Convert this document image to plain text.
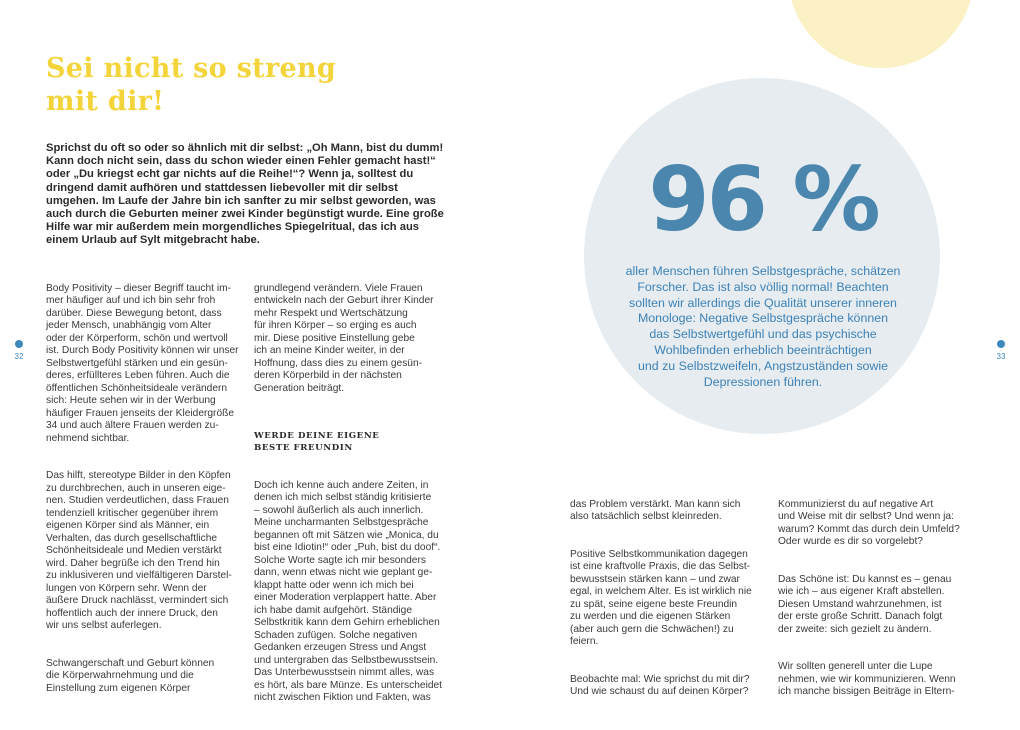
Sei nicht so streng
mit dir!
Sprichst du oft so oder so ähnlich mit dir selbst: „Oh Mann, bist du dumm! Kann doch nicht sein, dass du schon wieder einen Fehler gemacht hast!“ oder „Du kriegst echt gar nichts auf die Reihe!“? Wenn ja, solltest du dringend damit aufhören und stattdessen liebevoller mit dir selbst umgehen. Im Laufe der Jahre bin ich sanfter zu mir selbst geworden, was auch durch die Geburten meiner zwei Kinder begünstigt wurde. Eine große Hilfe war mir außerdem mein morgendliches Spiegelritual, das ich aus einem Urlaub auf Sylt mitgebracht habe.

Body Positivity – dieser Begriff taucht im-
mer häufiger auf und ich bin sehr froh
darüber. Diese Bewegung betont, dass
jeder Mensch, unabhängig vom Alter
oder der Körperform, schön und wertvoll
ist. Durch Body Positivity können wir unser
Selbstwertgefühl stärken und ein gesün-
deres, erfüllteres Leben führen. Auch die
öffentlichen Schönheitsideale verändern
sich: Heute sehen wir in der Werbung
häufiger Frauen jenseits der Kleidergröße
34 und auch ältere Frauen werden zu-
nehmend sichtbar.

Das hilft, stereotype Bilder in den Köpfen
zu durchbrechen, auch in unseren eige-
nen. Studien verdeutlichen, dass Frauen
tendenziell kritischer gegenüber ihrem
eigenen Körper sind als Männer, ein
Verhalten, das durch gesellschaftliche
Schönheitsideale und Medien verstärkt
wird. Daher begrüße ich den Trend hin
zu inklusiveren und vielfältigeren Darstel-
lungen von Körpern sehr. Wenn der
äußere Druck nachlässt, vermindert sich
hoffentlich auch der innere Druck, den
wir uns selbst auferlegen.

Schwangerschaft und Geburt können
die Körperwahrnehmung und die
Einstellung zum eigenen Körper

grundlegend verändern. Viele Frauen
entwickeln nach der Geburt ihrer Kinder
mehr Respekt und Wertschätzung
für ihren Körper – so erging es auch
mir. Diese positive Einstellung gebe
ich an meine Kinder weiter, in der
Hoffnung, dass dies zu einem gesün-
deren Körperbild in der nächsten
Generation beiträgt.

WERDE DEINE EIGENE
BESTE FREUNDIN

Doch ich kenne auch andere Zeiten, in
denen ich mich selbst ständig kritisierte
– sowohl äußerlich als auch innerlich.
Meine uncharmanten Selbstgespräche
begannen oft mit Sätzen wie „Monica, du
bist eine Idiotin!“ oder „Puh, bist du doof“.
Solche Worte sagte ich mir besonders
dann, wenn etwas nicht wie geplant ge-
klappt hatte oder wenn ich mich bei
einer Moderation verplappert hatte. Aber
ich habe damit aufgehört. Ständige
Selbstkritik kann dem Gehirn erheblichen
Schaden zufügen. Solche negativen
Gedanken erzeugen Stress und Angst
und untergraben das Selbstbewusstsein.
Das Unterbewusstsein nimmt alles, was
es hört, als bare Münze. Es unterscheidet
nicht zwischen Fiktion und Fakten, was

96 %
aller Menschen führen Selbstgespräche, schätzen
Forscher. Das ist also völlig normal! Beachten
sollten wir allerdings die Qualität unserer inneren
Monologe: Negative Selbstgespräche können
das Selbstwertgefühl und das psychische
Wohlbefinden erheblich beeinträchtigen
und zu Selbstzweifeln, Angstzuständen sowie
Depressionen führen.

das Problem verstärkt. Man kann sich
also tatsächlich selbst kleinreden.

Positive Selbstkommunikation dagegen
ist eine kraftvolle Praxis, die das Selbst-
bewusstsein stärken kann – und zwar
egal, in welchem Alter. Es ist wirklich nie
zu spät, seine eigene beste Freundin
zu werden und die eigenen Stärken
(aber auch gern die Schwächen!) zu
feiern.

Beobachte mal: Wie sprichst du mit dir?
Und wie schaust du auf deinen Körper?

Kommunizierst du auf negative Art
und Weise mit dir selbst? Und wenn ja:
warum? Kommt das durch dein Umfeld?
Oder wurde es dir so vorgelebt?

Das Schöne ist: Du kannst es – genau
wie ich – aus eigener Kraft abstellen.
Diesen Umstand wahrzunehmen, ist
der erste große Schritt. Danach folgt
der zweite: sich gezielt zu ändern.

Wir sollten generell unter die Lupe
nehmen, wie wir kommunizieren. Wenn
ich manche bissigen Beiträge in Eltern-

32	33
